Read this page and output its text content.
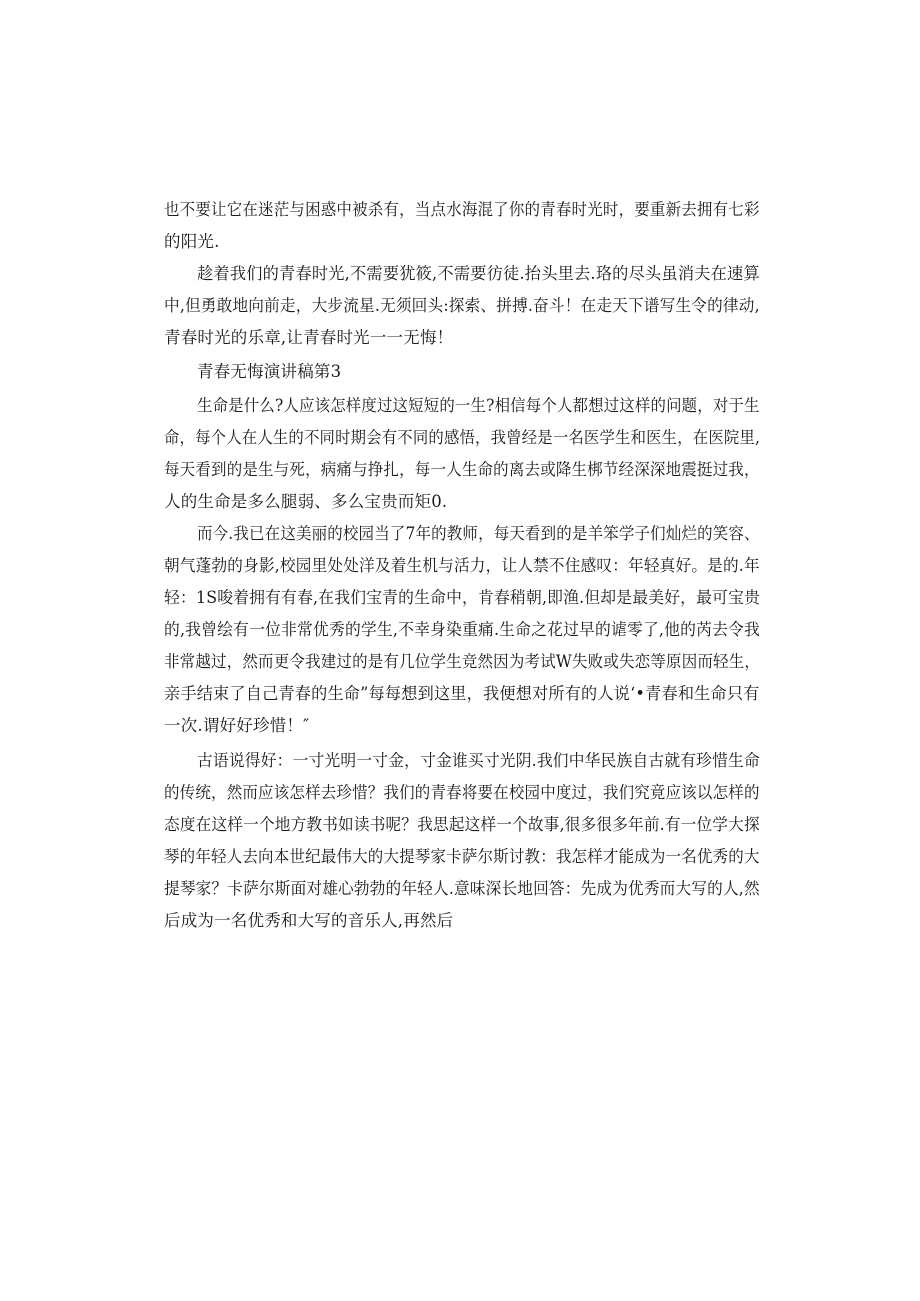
也不要让它在迷茫与困惑中被杀有，当点水海混了你的青春时光时，要重新去拥有七彩
的阳光.
趁着我们的青春时光,不需要犹筱,不需要彷徒.抬头里去.珞的尽头虽消夫在速算
中,但勇敢地向前走，大步流星.无须回头:探索、拼搏.奋斗！在走天下谱写生令的律动,
青春时光的乐章,让青春时光一一无悔！
青春无悔演讲稿第3
生命是什么?人应该怎样度过这短短的一生?相信每个人都想过这样的问题，对于生
命，每个人在人生的不同时期会有不同的感悟，我曾经是一名医学生和医生，在医院里,
每天看到的是生与死，病痛与挣扎，每一人生命的离去或降生梆节经深深地震挺过我，
人的生命是多么腿弱、多么宝贵而矩0.
而今.我已在这美丽的校园当了7年的教师，每天看到的是羊笨学子们灿烂的笑容、
朝气蓬勃的身影,校园里处处洋及着生机与活力，让人禁不住感叹：年轻真好。是的.年
轻：1S唆着拥有有春,在我们宝青的生命中，肯春稍朝,即渔.但却是最美好，最可宝贵
的,我曾绘有一位非常优秀的学生,不幸身染重痛.生命之花过早的谑零了,他的芮去令我
非常越过，然而更令我建过的是有几位学生竞然因为考试W失败或失恋等原因而轻生，
亲手结束了自己青春的生命”每每想到这里，我便想对所有的人说‘•青春和生命只有
一次.谓好好珍惜！″
古语说得好：一寸光明一寸金，寸金谁买寸光阴.我们中华民族自古就有珍惜生命
的传统，然而应该怎样去珍惜？我们的青春将要在校园中度过，我们究竟应该以怎样的
态度在这样一个地方教书如读书呢？我思起这样一个故事,很多很多年前.有一位学大探
琴的年轻人去向本世纪最伟大的大提琴家卡萨尔斯讨教：我怎样才能成为一名优秀的大
提琴家？卡萨尔斯面对雄心勃勃的年轻人.意味深长地回答：先成为优秀而大写的人,然
后成为一名优秀和大写的音乐人,再然后
